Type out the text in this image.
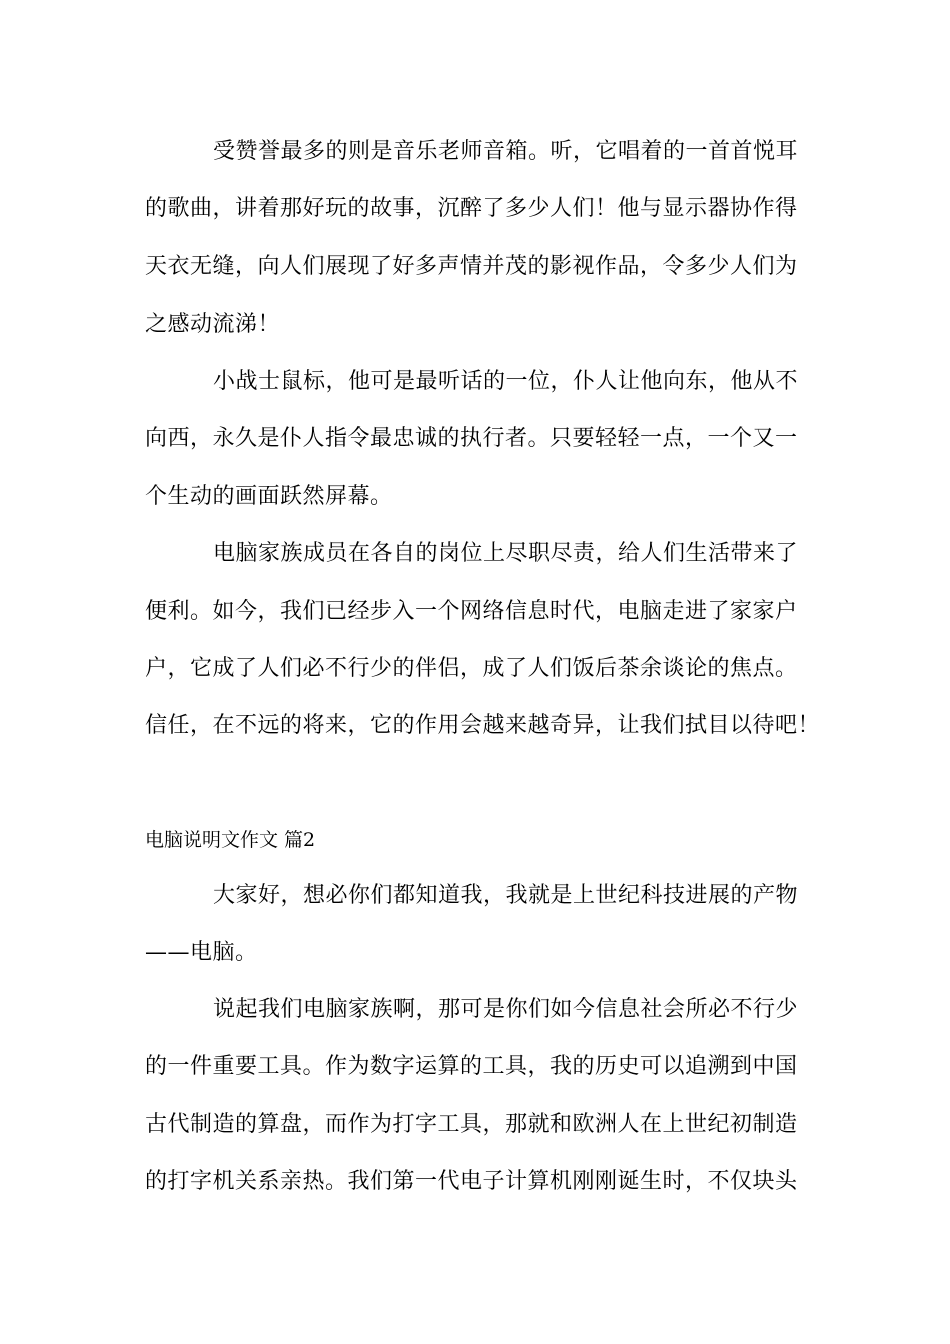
受赞誉最多的则是音乐老师音箱。听，它唱着的一首首悦耳
的歌曲，讲着那好玩的故事，沉醉了多少人们！他与显示器协作得
天衣无缝，向人们展现了好多声情并茂的影视作品，令多少人们为
之感动流涕！
小战士鼠标，他可是最听话的一位，仆人让他向东，他从不
向西，永久是仆人指令最忠诚的执行者。只要轻轻一点，一个又一
个生动的画面跃然屏幕。
电脑家族成员在各自的岗位上尽职尽责，给人们生活带来了
便利。如今，我们已经步入一个网络信息时代，电脑走进了家家户
户，它成了人们必不行少的伴侣，成了人们饭后茶余谈论的焦点。
信任，在不远的将来，它的作用会越来越奇异，让我们拭目以待吧！
电脑说明文作文 篇2
大家好，想必你们都知道我，我就是上世纪科技进展的产物
——电脑。
说起我们电脑家族啊，那可是你们如今信息社会所必不行少
的一件重要工具。作为数字运算的工具，我的历史可以追溯到中国
古代制造的算盘，而作为打字工具，那就和欧洲人在上世纪初制造
的打字机关系亲热。我们第一代电子计算机刚刚诞生时，不仅块头
